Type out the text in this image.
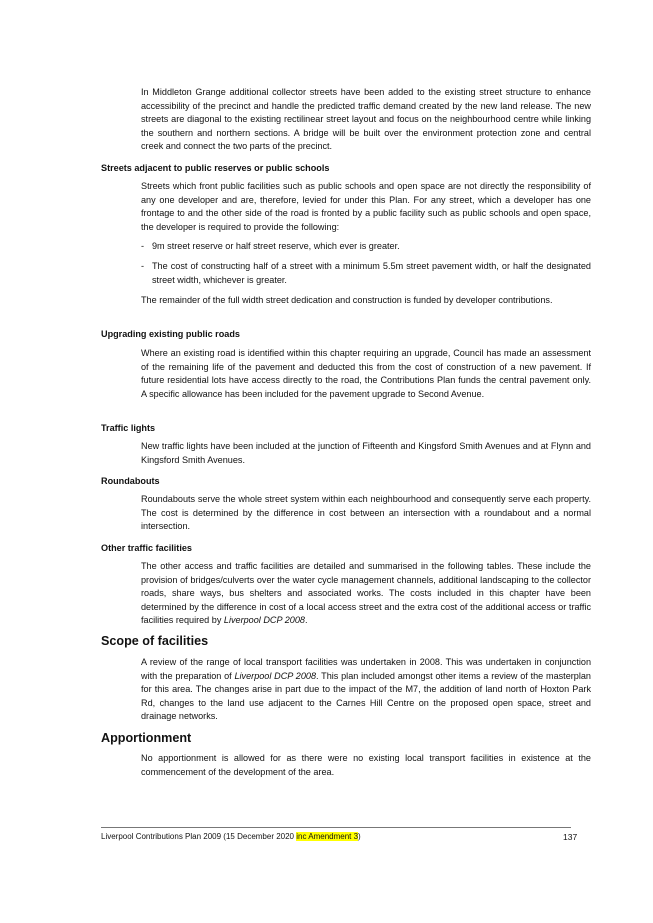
In Middleton Grange additional collector streets have been added to the existing street structure to enhance accessibility of the precinct and handle the predicted traffic demand created by the new land release. The new streets are diagonal to the existing rectilinear street layout and focus on the neighbourhood centre while linking the southern and northern sections. A bridge will be built over the environment protection zone and central creek and connect the two parts of the precinct.

Streets adjacent to public reserves or public schools

Streets which front public facilities such as public schools and open space are not directly the responsibility of any one developer and are, therefore, levied for under this Plan. For any street, which a developer has one frontage to and the other side of the road is fronted by a public facility such as public schools and open space, the developer is required to provide the following:

- 9m street reserve or half street reserve, which ever is greater.
- The cost of constructing half of a street with a minimum 5.5m street pavement width, or half the designated street width, whichever is greater.

The remainder of the full width street dedication and construction is funded by developer contributions.

Upgrading existing public roads

Where an existing road is identified within this chapter requiring an upgrade, Council has made an assessment of the remaining life of the pavement and deducted this from the cost of construction of a new pavement. If future residential lots have access directly to the road, the Contributions Plan funds the central pavement only. A specific allowance has been included for the pavement upgrade to Second Avenue.

Traffic lights

New traffic lights have been included at the junction of Fifteenth and Kingsford Smith Avenues and at Flynn and Kingsford Smith Avenues.

Roundabouts

Roundabouts serve the whole street system within each neighbourhood and consequently serve each property. The cost is determined by the difference in cost between an intersection with a roundabout and a normal intersection.

Other traffic facilities

The other access and traffic facilities are detailed and summarised in the following tables. These include the provision of bridges/culverts over the water cycle management channels, additional landscaping to the collector roads, share ways, bus shelters and associated works. The costs included in this chapter have been determined by the difference in cost of a local access street and the extra cost of the additional access or traffic facilities required by Liverpool DCP 2008.

Scope of facilities

A review of the range of local transport facilities was undertaken in 2008. This was undertaken in conjunction with the preparation of Liverpool DCP 2008. This plan included amongst other items a review of the masterplan for this area. The changes arise in part due to the impact of the M7, the addition of land north of Hoxton Park Rd, changes to the land use adjacent to the Carnes Hill Centre on the proposed open space, street and drainage networks.

Apportionment

No apportionment is allowed for as there were no existing local transport facilities in existence at the commencement of the development of the area.

Liverpool Contributions Plan 2009 (15 December 2020 inc Amendment 3)	137
